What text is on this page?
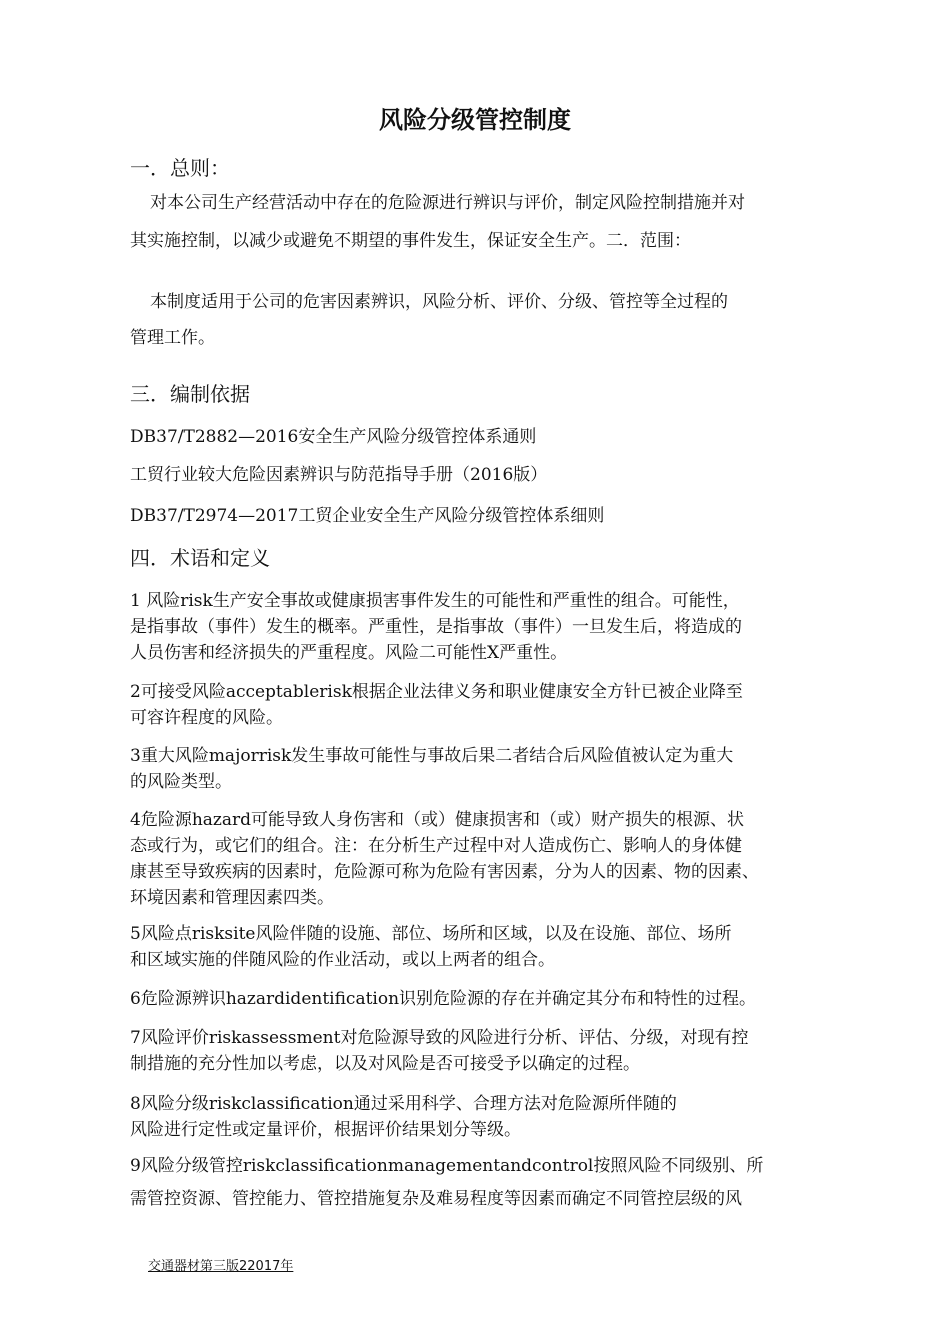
风险分级管控制度
一．总则：
对本公司生产经营活动中存在的危险源进行辨识与评价，制定风险控制措施并对
其实施控制，以减少或避免不期望的事件发生，保证安全生产。二．范围：
本制度适用于公司的危害因素辨识，风险分析、评价、分级、管控等全过程的
管理工作。
三．编制依据
DB37/T2882—2016安全生产风险分级管控体系通则
工贸行业较大危险因素辨识与防范指导手册（2016版）
DB37/T2974—2017工贸企业安全生产风险分级管控体系细则
四．术语和定义
1 风险risk生产安全事故或健康损害事件发生的可能性和严重性的组合。可能性，
是指事故（事件）发生的概率。严重性，是指事故（事件）一旦发生后，将造成的
人员伤害和经济损失的严重程度。风险二可能性X严重性。
2可接受风险acceptablerisk根据企业法律义务和职业健康安全方针已被企业降至
可容许程度的风险。
3重大风险majorrisk发生事故可能性与事故后果二者结合后风险值被认定为重大
的风险类型。
4危险源hazard可能导致人身伤害和（或）健康损害和（或）财产损失的根源、状
态或行为，或它们的组合。注：在分析生产过程中对人造成伤亡、影响人的身体健
康甚至导致疾病的因素时，危险源可称为危险有害因素，分为人的因素、物的因素、
环境因素和管理因素四类。
5风险点risksite风险伴随的设施、部位、场所和区域，以及在设施、部位、场所
和区域实施的伴随风险的作业活动，或以上两者的组合。
6危险源辨识hazardidentification识别危险源的存在并确定其分布和特性的过程。
7风险评价riskassessment对危险源导致的风险进行分析、评估、分级，对现有控
制措施的充分性加以考虑，以及对风险是否可接受予以确定的过程。
8风险分级riskclassification通过采用科学、合理方法对危险源所伴随的
风险进行定性或定量评价，根据评价结果划分等级。
9风险分级管控riskclassificationmanagementandcontrol按照风险不同级别、所
需管控资源、管控能力、管控措施复杂及难易程度等因素而确定不同管控层级的风
交通器材第三版22017年
